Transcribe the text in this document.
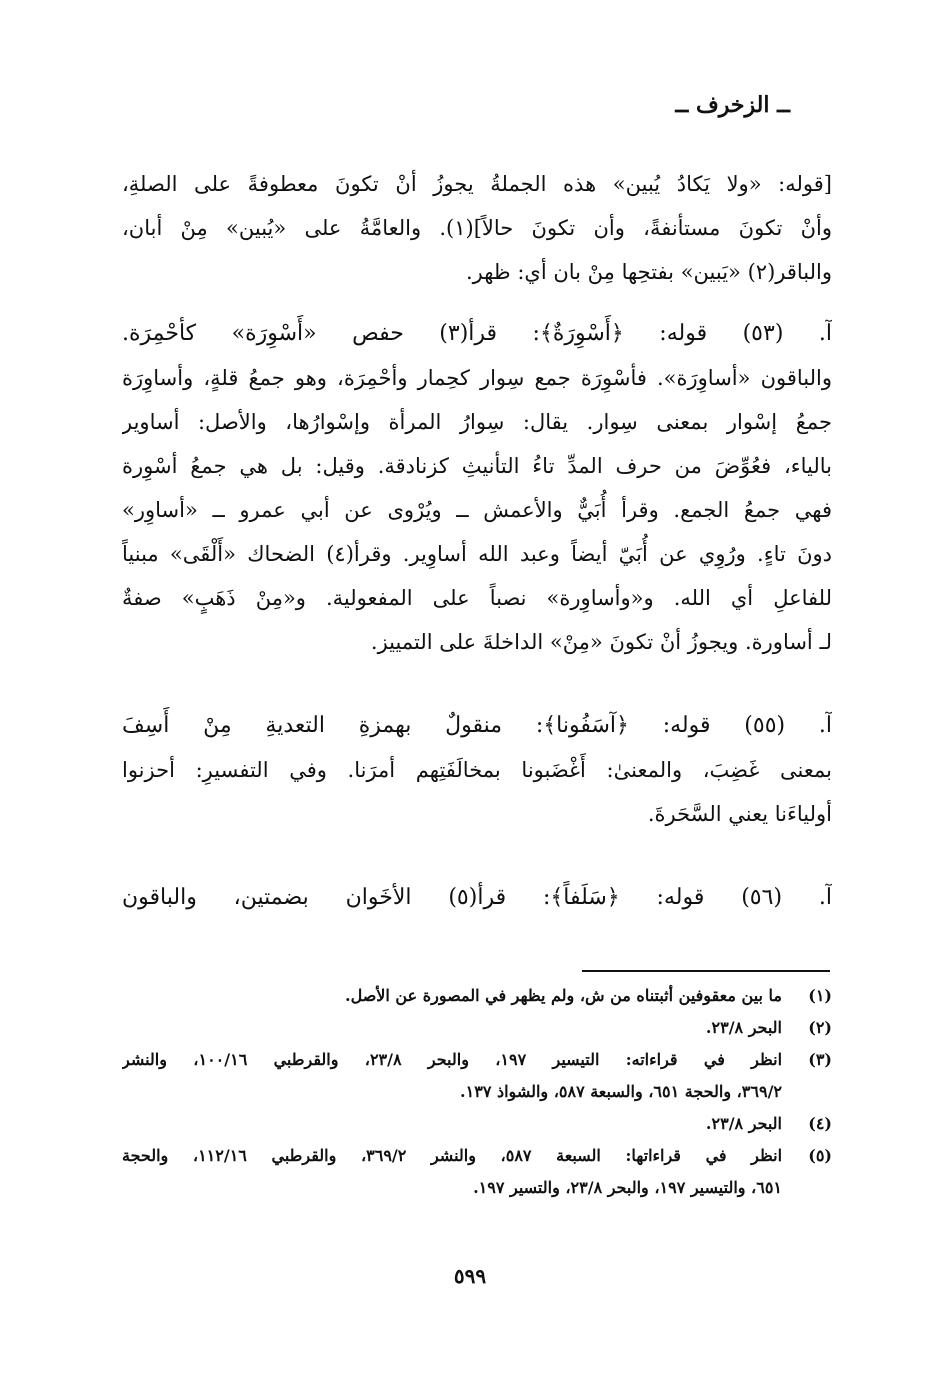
ــ الزخرف ــ
[قوله: «ولا يَكادُ يُبين» هذه الجملةُ يجوزُ أنْ تكونَ معطوفةً على الصلةِ،
وأنْ تكونَ مستأنفةً، وأن تكونَ حالاً](١). والعامَّةُ على «يُبين» مِنْ أبان،
والباقر(٢) «يَبين» بفتحِها مِنْ بان أي: ظهر.
آ. (٥٣) قوله: ﴿أَسْوِرَةٌ﴾: قرأ(٣) حفص «أَسْوِرَة» كأحْمِرَة.
والباقون «أساوِرَة». فأسْوِرَة جمع سِوار كحِمار وأحْمِرَة، وهو جمعُ قلةٍ، وأساوِرَة
جمعُ إسْوار بمعنى سِوار. يقال: سِوارُ المرأة وإسْوارُها، والأصل: أساوير
بالياء، فعُوِّضَ من حرف المدِّ تاءُ التأنيثِ كزنادقة. وقيل: بل هي جمعُ أسْوِرة
فهي جمعُ الجمع. وقرأ أُبَيٌّ والأعمش ــ ويُرْوى عن أبي عمرو ــ «أساوِر»
دونَ تاءٍ. ورُوِي عن أُبَيّ أيضاً وعبد الله أساوِير. وقرأ(٤) الضحاك «أَلْقَى» مبنياً
للفاعلِ أي الله. و«وأساوِرة» نصباً على المفعولية. و«مِنْ ذَهَبٍ» صفةٌ
لـ أساورة. ويجوزُ أنْ تكونَ «مِنْ» الداخلةَ على التمييز.
آ. (٥٥) قوله: ﴿آسَفُونا﴾: منقولٌ بهمزةِ التعديةِ مِنْ أَسِفَ
بمعنى غَضِبَ، والمعنىٰ: أَغْضَبونا بمخالَفَتِهم أمرَنا. وفي التفسيرِ: أحزنوا
أولياءَنا يعني السَّحَرةَ.
آ. (٥٦) قوله: ﴿سَلَفاً﴾: قرأ(٥) الأخَوان بضمتين، والباقون
(١)
ما بين معقوفين أثبتناه من ش، ولم يظهر في المصورة عن الأصل.
(٢)
البحر ٢٣/٨.
(٣)
انظر في قراءاته: التيسير ١٩٧، والبحر ٢٣/٨، والقرطبي ١٠٠/١٦، والنشر
٣٦٩/٢، والحجة ٦٥١، والسبعة ٥٨٧، والشواذ ١٣٧.
(٤)
البحر ٢٣/٨.
(٥)
انظر في قراءاتها: السبعة ٥٨٧، والنشر ٣٦٩/٢، والقرطبي ١١٢/١٦، والحجة
٦٥١، والتيسير ١٩٧، والبحر ٢٣/٨، والتسير ١٩٧.
٥٩٩
